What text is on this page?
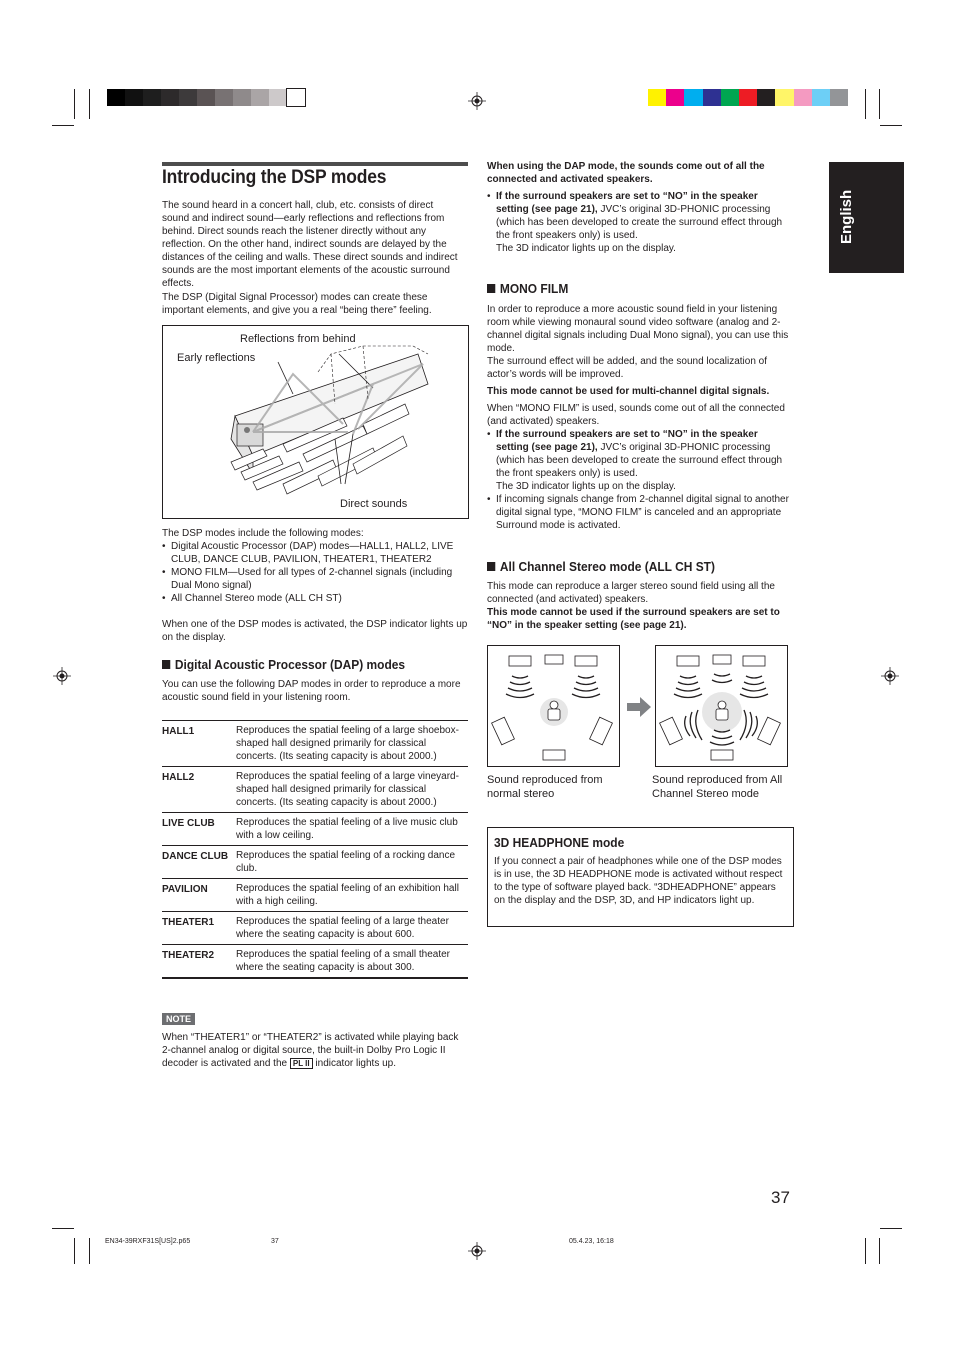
English
Introducing the DSP modes

The sound heard in a concert hall, club, etc. consists of direct sound and indirect sound—early reflections and reflections from behind. Direct sounds reach the listener directly without any reflection. On the other hand, indirect sounds are delayed by the distances of the ceiling and walls. These direct sounds and indirect sounds are the most important elements of the acoustic surround effects.

The DSP (Digital Signal Processor) modes can create these important elements, and give you a real “being there” feeling.

Reflections from behind
Early reflections
Direct sounds

The DSP modes include the following modes:

• Digital Acoustic Processor (DAP) modes—HALL1, HALL2, LIVE CLUB, DANCE CLUB, PAVILION, THEATER1, THEATER2
• MONO FILM—Used for all types of 2-channel signals (including Dual Mono signal)
• All Channel Stereo mode (ALL CH ST)

When one of the DSP modes is activated, the DSP indicator lights up on the display.

Digital Acoustic Processor (DAP) modes

You can use the following DAP modes in order to reproduce a more acoustic sound field in your listening room.

HALL1	Reproduces the spatial feeling of a large shoebox-shaped hall designed primarily for classical concerts. (Its seating capacity is about 2000.)
HALL2	Reproduces the spatial feeling of a large vineyard-shaped hall designed primarily for classical concerts. (Its seating capacity is about 2000.)
LIVE CLUB	Reproduces the spatial feeling of a live music club with a low ceiling.
DANCE CLUB	Reproduces the spatial feeling of a rocking dance club.
PAVILION	Reproduces the spatial feeling of an exhibition hall with a high ceiling.
THEATER1	Reproduces the spatial feeling of a large theater where the seating capacity is about 600.
THEATER2	Reproduces the spatial feeling of a small theater where the seating capacity is about 300.
NOTE

When “THEATER1” or “THEATER2” is activated while playing back 2-channel analog or digital source, the built-in Dolby Pro Logic II decoder is activated and the PL II indicator lights up.

When using the DAP mode, the sounds come out of all the connected and activated speakers.

• If the surround speakers are set to “NO” in the speaker setting (see page 21), JVC’s original 3D-PHONIC processing (which has been developed to create the surround effect through the front speakers only) is used.
The 3D indicator lights up on the display.
MONO FILM

In order to reproduce a more acoustic sound field in your listening room while viewing monaural sound video software (analog and 2-channel digital signals including Dual Mono signal), you can use this mode.

The surround effect will be added, and the sound localization of actor’s words will be improved.

This mode cannot be used for multi-channel digital signals.

When “MONO FILM” is used, sounds come out of all the connected (and activated) speakers.

• If the surround speakers are set to “NO” in the speaker setting (see page 21), JVC’s original 3D-PHONIC processing (which has been developed to create the surround effect through the front speakers only) is used.
The 3D indicator lights up on the display.
• If incoming signals change from 2-channel digital signal to another digital signal type, “MONO FILM” is canceled and an appropriate Surround mode is activated.
All Channel Stereo mode (ALL CH ST)

This mode can reproduce a larger stereo sound field using all the connected (and activated) speakers.

This mode cannot be used if the surround speakers are set to “NO” in the speaker setting (see page 21).

Sound reproduced from normal stereo
Sound reproduced from All Channel Stereo mode
3D HEADPHONE mode

If you connect a pair of headphones while one of the DSP modes is in use, the 3D HEADPHONE mode is activated without respect to the type of software played back. “3DHEADPHONE” appears on the display and the DSP, 3D, and HP indicators light up.

37
EN34-39RXF31S[US]2.p65	37	05.4.23, 16:18
